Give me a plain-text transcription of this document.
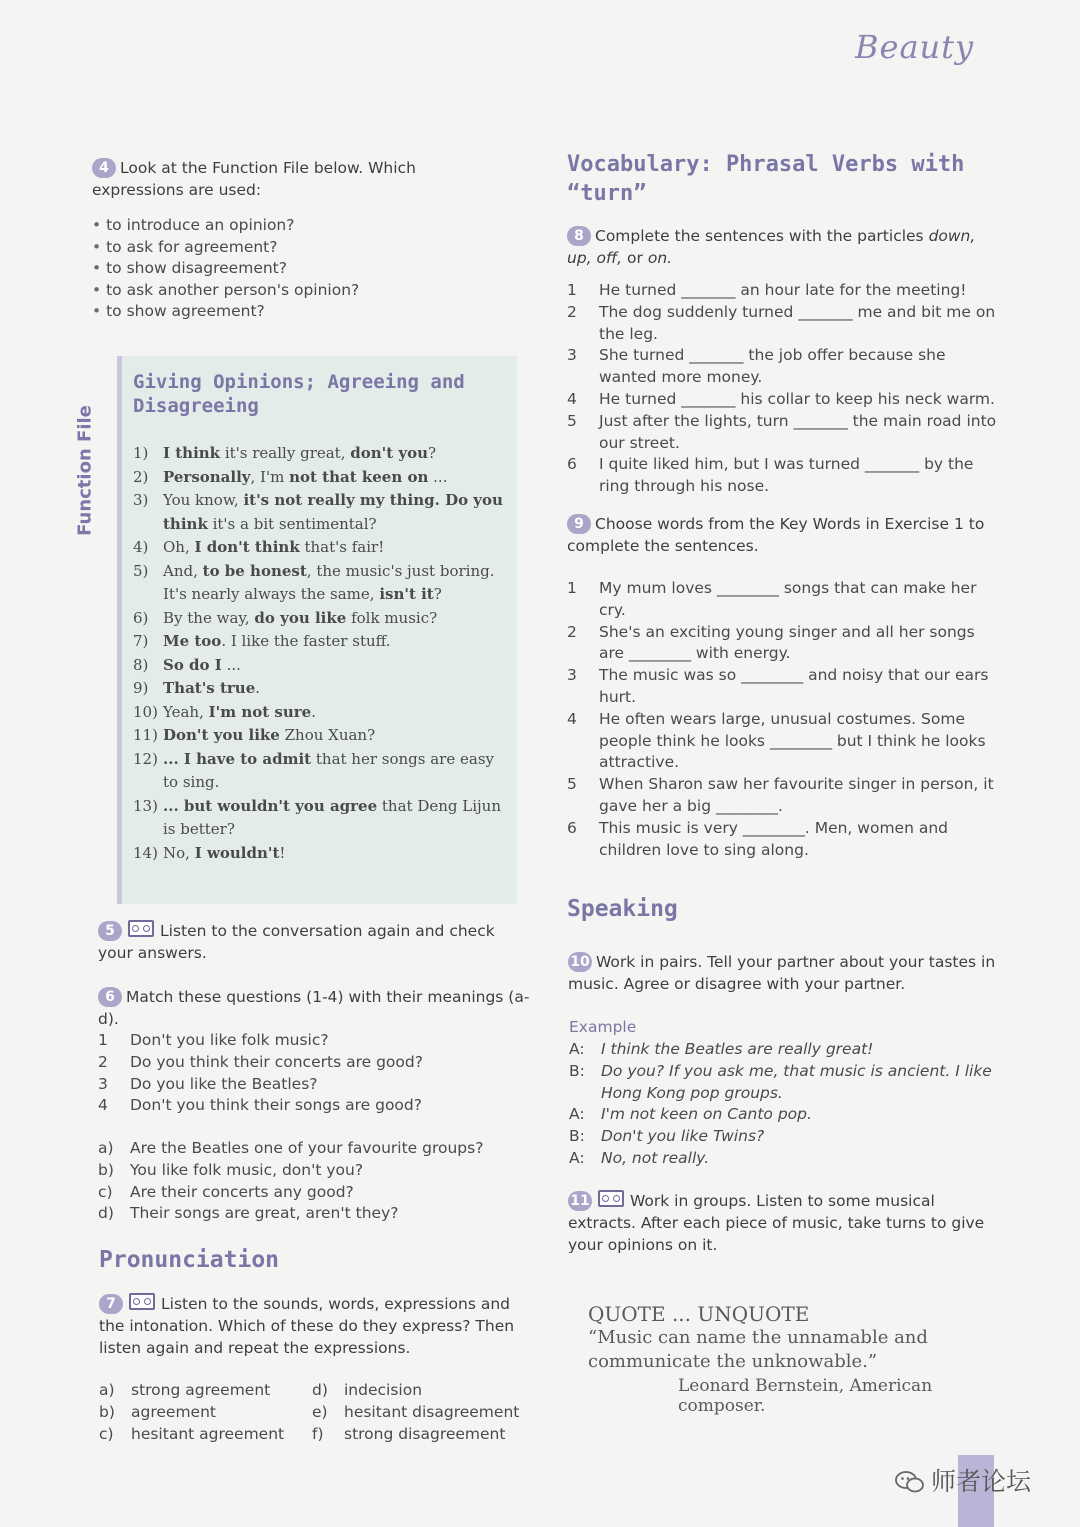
Beauty
4 Look at the Function File below. Which expressions are used:
• to introduce an opinion?
• to ask for agreement?
• to show disagreement?
• to ask another person's opinion?
• to show agreement?
Function File
Giving Opinions; Agreeing and Disagreeing
1) I think it's really great, don't you?
2) Personally, I'm not that keen on ...
3) You know, it's not really my thing. Do you think it's a bit sentimental?
4) Oh, I don't think that's fair!
5) And, to be honest, the music's just boring. It's nearly always the same, isn't it?
6) By the way, do you like folk music?
7) Me too. I like the faster stuff.
8) So do I ...
9) That's true.
10) Yeah, I'm not sure.
11) Don't you like Zhou Xuan?
12) ... I have to admit that her songs are easy to sing.
13) ... but wouldn't you agree that Deng Lijun is better?
14) No, I wouldn't!
5	Listen to the conversation again and check your answers.
6 Match these questions (1-4) with their meanings (a-d).
1	Don't you like folk music?
2	Do you think their concerts are good?
3	Do you like the Beatles?
4	Don't you think their songs are good?
a)	Are the Beatles one of your favourite groups?
b)	You like folk music, don't you?
c)	Are their concerts any good?
d)	Their songs are great, aren't they?
Pronunciation
7	Listen to the sounds, words, expressions and the intonation. Which of these do they express? Then listen again and repeat the expressions.
a)	strong agreement
b)	agreement
c)	hesitant agreement
d)	indecision
e)	hesitant disagreement
f)	strong disagreement
Vocabulary: Phrasal Verbs with “turn”
8 Complete the sentences with the particles down, up, off, or on.
1	He turned _______ an hour late for the meeting!
2	The dog suddenly turned _______ me and bit me on the leg.
3	She turned _______ the job offer because she wanted more money.
4	He turned _______ his collar to keep his neck warm.
5	Just after the lights, turn _______ the main road into our street.
6	I quite liked him, but I was turned _______ by the ring through his nose.
9 Choose words from the Key Words in Exercise 1 to complete the sentences.
1	My mum loves ________ songs that can make her cry.
2	She's an exciting young singer and all her songs are ________ with energy.
3	The music was so ________ and noisy that our ears hurt.
4	He often wears large, unusual costumes. Some people think he looks ________ but I think he looks attractive.
5	When Sharon saw her favourite singer in person, it gave her a big ________.
6	This music is very ________. Men, women and children love to sing along.
Speaking
10 Work in pairs. Tell your partner about your tastes in music. Agree or disagree with your partner.
Example
A:	I think the Beatles are really great!
B:	Do you? If you ask me, that music is ancient. I like Hong Kong pop groups.
A:	I'm not keen on Canto pop.
B:	Don't you like Twins?
A:	No, not really.
11	Work in groups. Listen to some musical extracts. After each piece of music, take turns to give your opinions on it.
QUOTE ... UNQUOTE
“Music can name the unnamable and communicate the unknowable.”
Leonard Bernstein, American composer.
师者论坛
